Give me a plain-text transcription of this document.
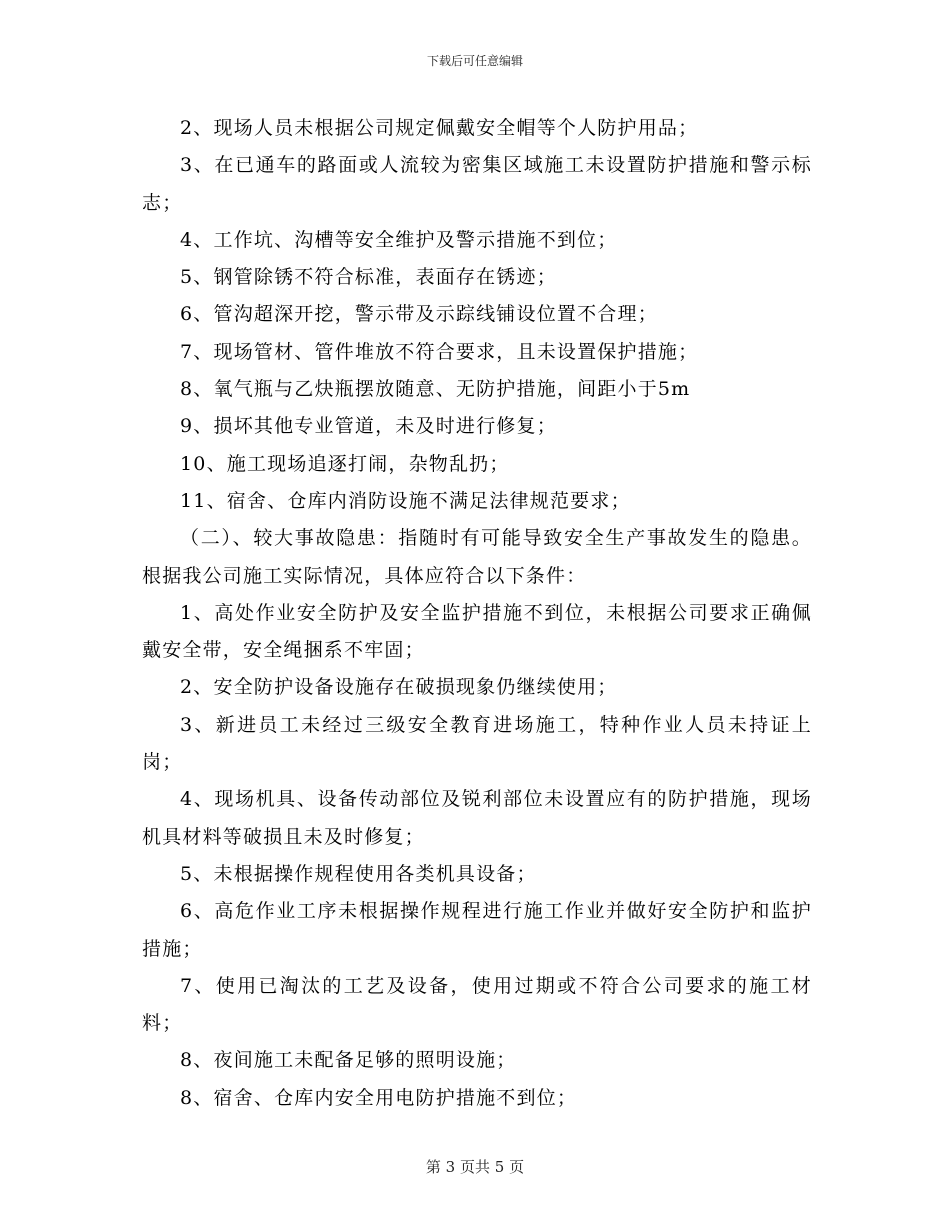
下载后可任意编辑

2、现场人员未根据公司规定佩戴安全帽等个人防护用品；

3、在已通车的路面或人流较为密集区域施工未设置防护措施和警示标志；

4、工作坑、沟槽等安全维护及警示措施不到位；

5、钢管除锈不符合标准，表面存在锈迹；

6、管沟超深开挖，警示带及示踪线铺设位置不合理；

7、现场管材、管件堆放不符合要求，且未设置保护措施；

8、氧气瓶与乙炔瓶摆放随意、无防护措施，间距小于5m

9、损坏其他专业管道，未及时进行修复；

10、施工现场追逐打闹，杂物乱扔；

11、宿舍、仓库内消防设施不满足法律规范要求；

（二）、较大事故隐患：指随时有可能导致安全生产事故发生的隐患。根据我公司施工实际情况，具体应符合以下条件：

1、高处作业安全防护及安全监护措施不到位，未根据公司要求正确佩戴安全带，安全绳捆系不牢固；

2、安全防护设备设施存在破损现象仍继续使用；

3、新进员工未经过三级安全教育进场施工，特种作业人员未持证上岗；

4、现场机具、设备传动部位及锐利部位未设置应有的防护措施，现场机具材料等破损且未及时修复；

5、未根据操作规程使用各类机具设备；

6、高危作业工序未根据操作规程进行施工作业并做好安全防护和监护措施；

7、使用已淘汰的工艺及设备，使用过期或不符合公司要求的施工材料；

8、夜间施工未配备足够的照明设施；

8、宿舍、仓库内安全用电防护措施不到位；

第 3 页共 5 页
